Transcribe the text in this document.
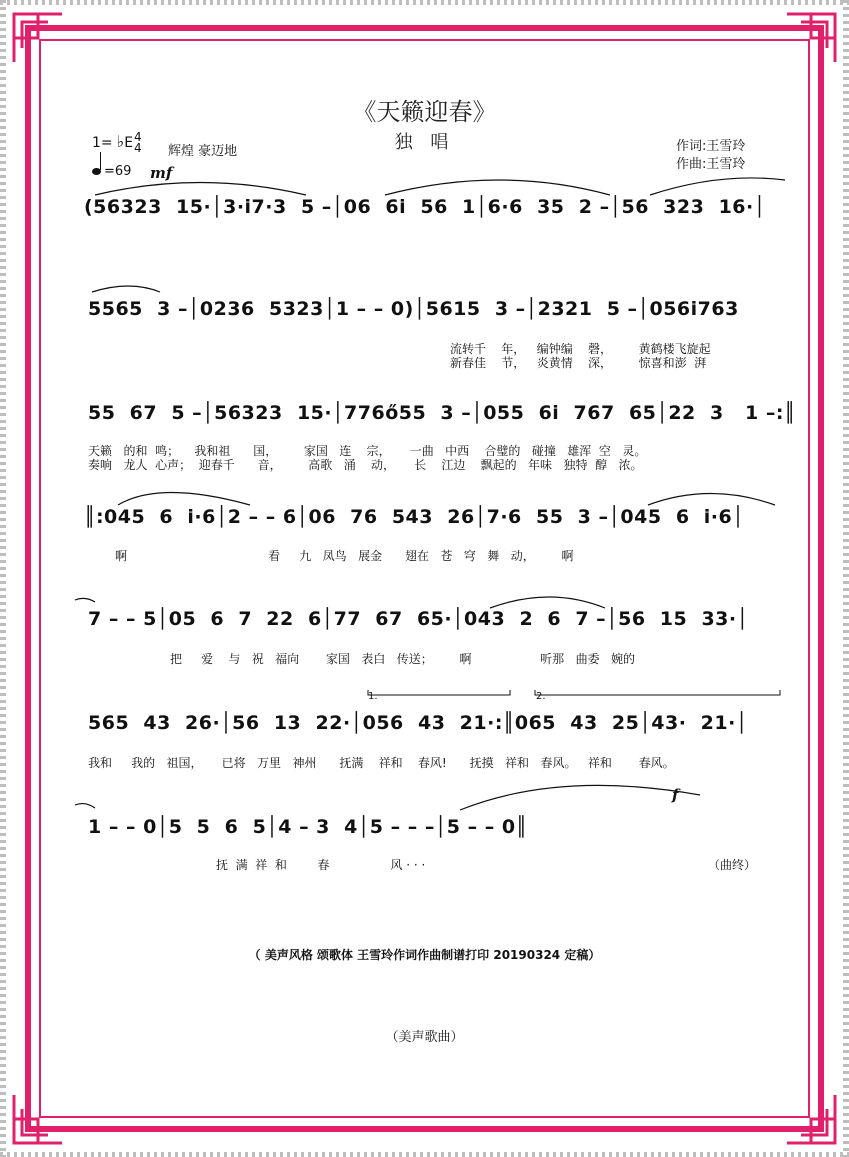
《天籁迎春》
独 唱
1= ♭E4
4 辉煌 豪迈地	作词:王雪玲
作曲:王雪玲
=69 mf
(56323  15·│3·i7·3  5 –│06  6i  56  1│6·6  35  2 –│56  323  16·│
5565  3 –│0236  5323│1 – – 0)│5615  3 –│2321  5 –│056i763
流转千    年，   编钟编    磬，       黄鹤楼飞旋起
新春佳    节，   炎黄情    深，       惊喜和澎  湃
55  67  5 –│56323  15·│776ő55  3 –│055  6i  767  65│22  3   1 –:║
天籁   的和  鸣；    我和祖      国，       家国   连    宗，     一曲   中西    合璧的   碰撞   雄浑  空   灵。
奏响   龙人  心声；  迎春千      音，       高歌   涌    动，     长    江边    飘起的   年味   独特  醇   浓。
║:045  6  i·6│2 – – 6│06  76  543  26│7·6  55  3 –│045  6  i·6│
啊                                     看     九   凤鸟   展金      翅在   苍   穹   舞   动，       啊
7 – – 5│05  6  7  22  6│77  67  65·│043  2  6  7 –│56  15  33·│
把     爱    与   祝   福向       家国   表白   传送；       啊                  听那   曲委   婉的
1.	2.
565  43  26·│56  13  22·│056  43  21·:║065  43  25│43·  21·│
我和     我的   祖国，     已将   万里   神州      抚满    祥和    春风!      抚摸   祥和   春风。   祥和       春风。
f
1 – – 0│5  5  6  5│4 – 3  4│5 – – –│5 – – 0║
抚  满  祥  和        春                风 · · ·	（曲终）
（ 美声风格 颂歌体 王雪玲作词作曲制谱打印 20190324 定稿）
（美声歌曲）
